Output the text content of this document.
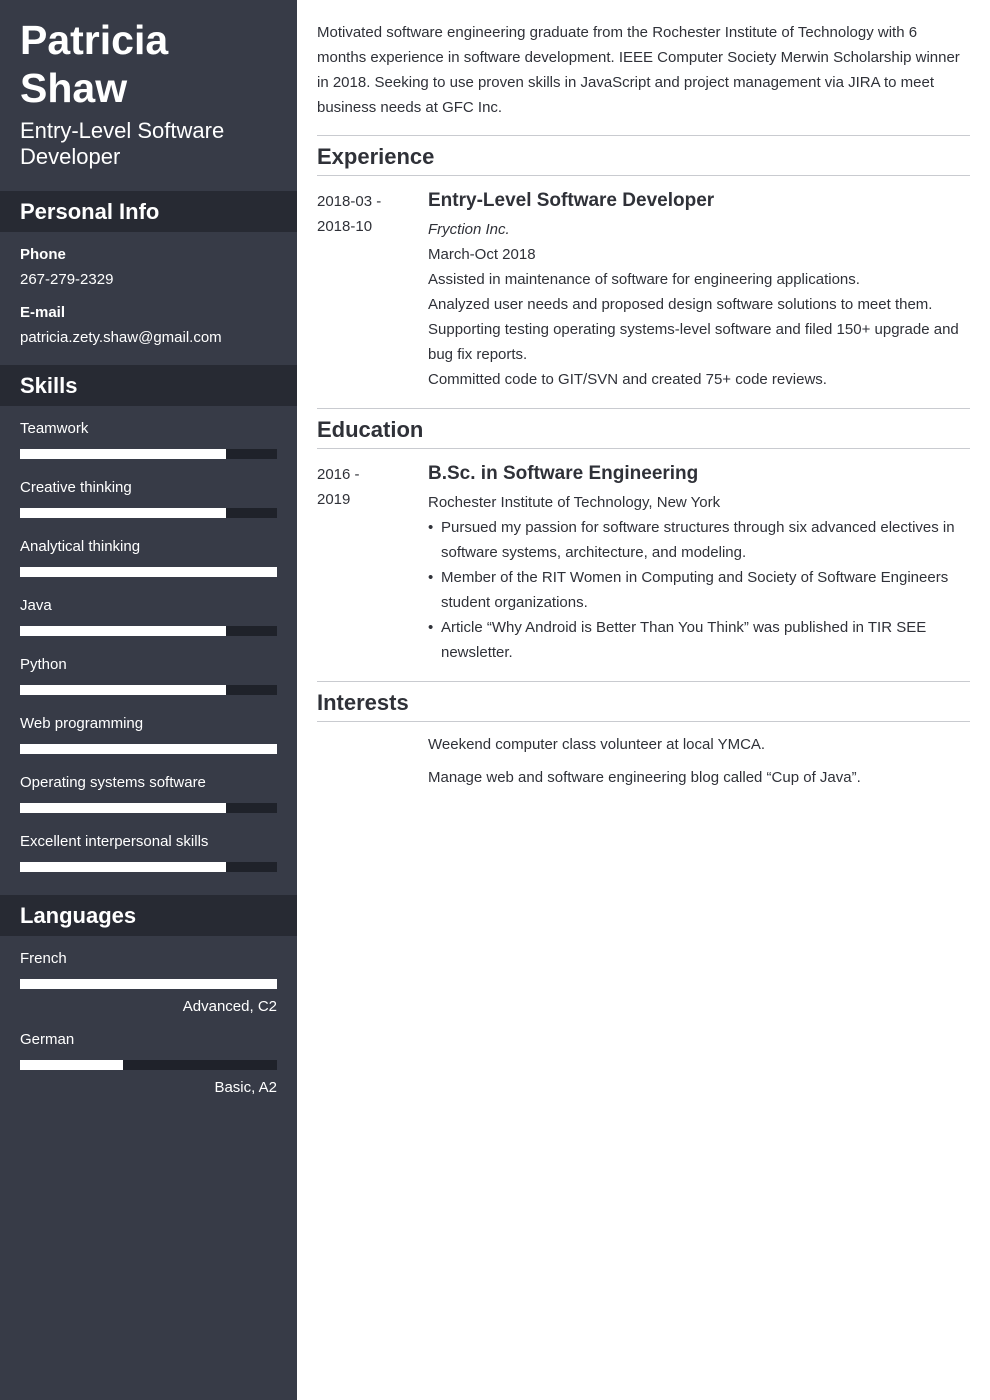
Patricia Shaw
Entry-Level Software Developer
Personal Info
Phone
267-279-2329
E-mail
patricia.zety.shaw@gmail.com
Skills
Teamwork
Creative thinking
Analytical thinking
Java
Python
Web programming
Operating systems software
Excellent interpersonal skills
Languages
French
Advanced, C2
German
Basic, A2
Motivated software engineering graduate from the Rochester Institute of Technology with 6 months experience in software development. IEEE Computer Society Merwin Scholarship winner in 2018. Seeking to use proven skills in JavaScript and project management via JIRA to meet business needs at GFC Inc.
Experience
2018-03 -
2018-10
Entry-Level Software Developer
Fryction Inc.
March-Oct 2018
Assisted in maintenance of software for engineering applications.
Analyzed user needs and proposed design software solutions to meet them.
Supporting testing operating systems-level software and filed 150+ upgrade and bug fix reports.
Committed code to GIT/SVN and created 75+ code reviews.
Education
2016 -
2019
B.Sc. in Software Engineering
Rochester Institute of Technology, New York
• Pursued my passion for software structures through six advanced electives in software systems, architecture, and modeling.
• Member of the RIT Women in Computing and Society of Software Engineers student organizations.
• Article “Why Android is Better Than You Think” was published in TIR SEE newsletter.
Interests
Weekend computer class volunteer at local YMCA.
Manage web and software engineering blog called “Cup of Java”.
